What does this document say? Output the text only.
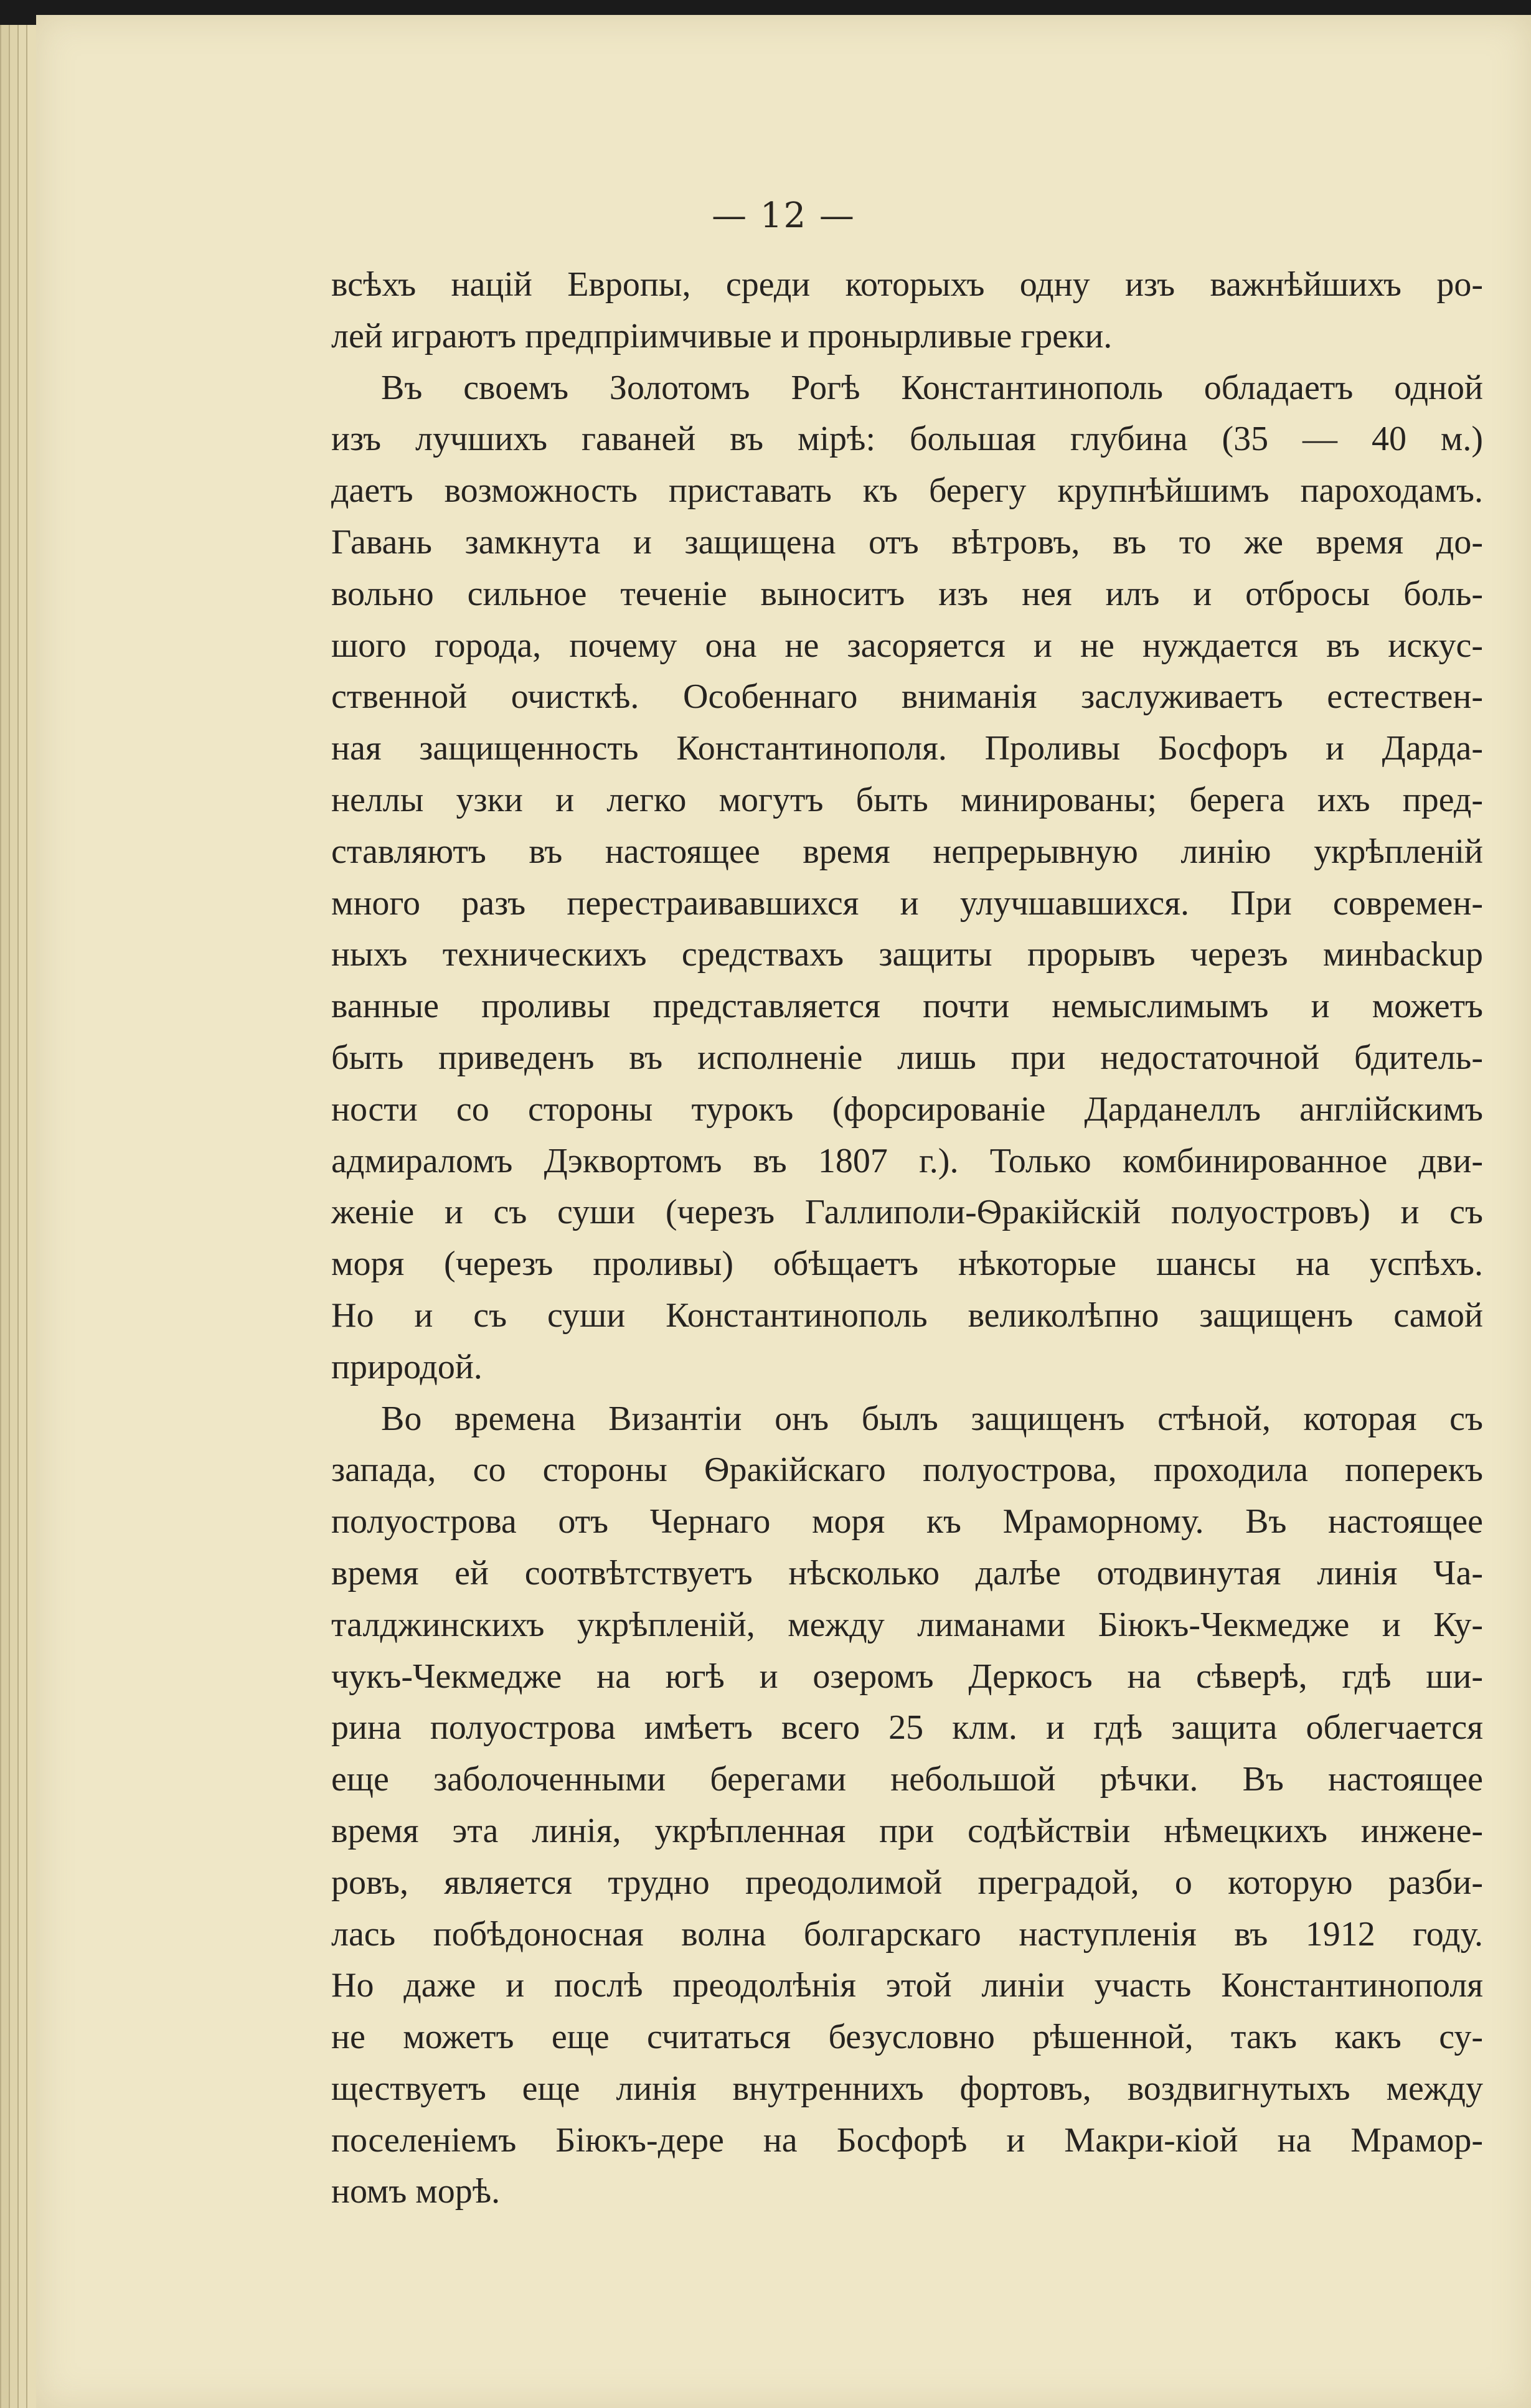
— 12 —

всѣхъ націй Европы, среди которыхъ одну изъ важнѣйшихъ ро-
лей играютъ предпріимчивые и пронырливые греки.

Въ своемъ Золотомъ Рогѣ Константинополь обладаетъ одной
изъ лучшихъ гаваней въ мірѣ: большая глубина (35 — 40 м.)
даетъ возможность приставать къ берегу крупнѣйшимъ пароходамъ.
Гавань замкнута и защищена отъ вѣтровъ, въ то же время до-
вольно сильное теченіе выноситъ изъ нея илъ и отбросы боль-
шого города, почему она не засоряется и не нуждается въ искус-
ственной очисткѣ. Особеннаго вниманія заслуживаетъ естествен-
ная защищенность Константинополя. Проливы Босфоръ и Дарда-
неллы узки и легко могутъ быть минированы; берега ихъ пред-
ставляютъ въ настоящее время непрерывную линію укрѣпленій
много разъ перестраивавшихся и улучшавшихся. При современ-
ныхъ техническихъ средствахъ защиты прорывъ черезъ минbackup
ванные проливы представляется почти немыслимымъ и можетъ
быть приведенъ въ исполненіе лишь при недостаточной бдитель-
ности со стороны турокъ (форсированіе Дарданеллъ англійскимъ
адмираломъ Дэквортомъ въ 1807 г.). Только комбинированное дви-
женіе и съ суши (черезъ Галлиполи-Ѳракійскій полуостровъ) и съ
моря (черезъ проливы) обѣщаетъ нѣкоторые шансы на успѣхъ.
Но и съ суши Константинополь великолѣпно защищенъ самой
природой.

Во времена Византіи онъ былъ защищенъ стѣной, которая съ
запада, со стороны Ѳракійскаго полуострова, проходила поперекъ
полуострова отъ Чернаго моря къ Мраморному. Въ настоящее
время ей соотвѣтствуетъ нѣсколько далѣе отодвинутая линія Ча-
талджинскихъ укрѣпленій, между лиманами Біюкъ-Чекмедже и Ку-
чукъ-Чекмедже на югѣ и озеромъ Деркосъ на сѣверѣ, гдѣ ши-
рина полуострова имѣетъ всего 25 клм. и гдѣ защита облегчается
еще заболоченными берегами небольшой рѣчки. Въ настоящее
время эта линія, укрѣпленная при содѣйствіи нѣмецкихъ инжене-
ровъ, является трудно преодолимой преградой, о которую разби-
лась побѣдоносная волна болгарскаго наступленія въ 1912 году.
Но даже и послѣ преодолѣнія этой линіи участь Константинополя
не можетъ еще считаться безусловно рѣшенной, такъ какъ су-
ществуетъ еще линія внутреннихъ фортовъ, воздвигнутыхъ между
поселеніемъ Біюкъ-дере на Босфорѣ и Макри-кіой на Мрамор-
номъ морѣ.
